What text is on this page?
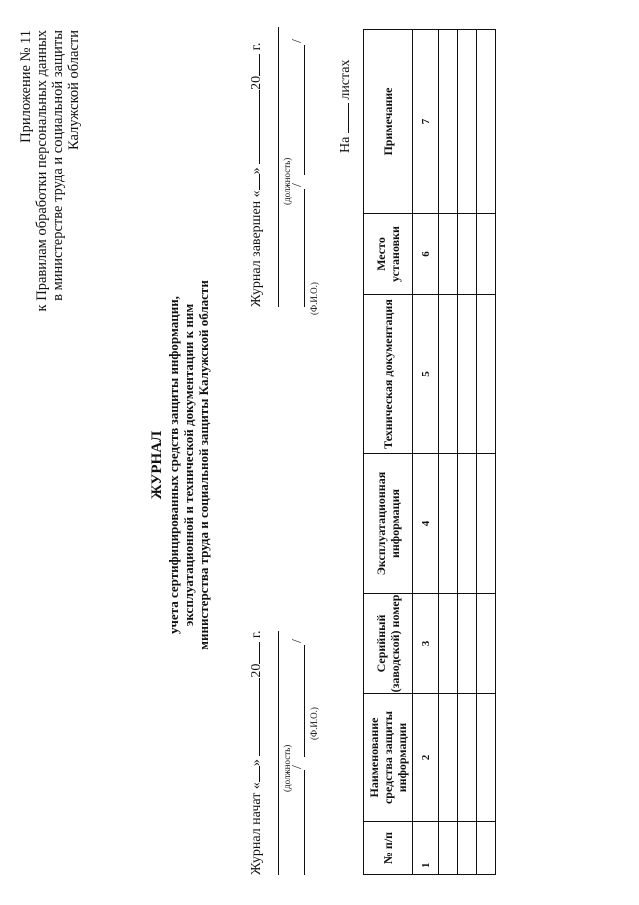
Приложение № 11 к Правилам обработки персональных данных в министерстве труда и социальной защиты Калужской области
ЖУРНАЛ учета сертифицированных средств защиты информации, эксплуатационной и технической документации к ним министерства труда и социальной защиты Калужской области
Журнал начат «» 20 г.
(должность)
/
/
(Ф.И.О.)
Журнал завершен «» 20 г.
(должность)
/
/
(Ф.И.О.)
На  листах
№ п/п	Наименование средства защиты информации	Серийный (заводской) номер	Эксплуатационная информация	Техническая документация	Место установки	Примечание
1	2	3	4	5	6	7
